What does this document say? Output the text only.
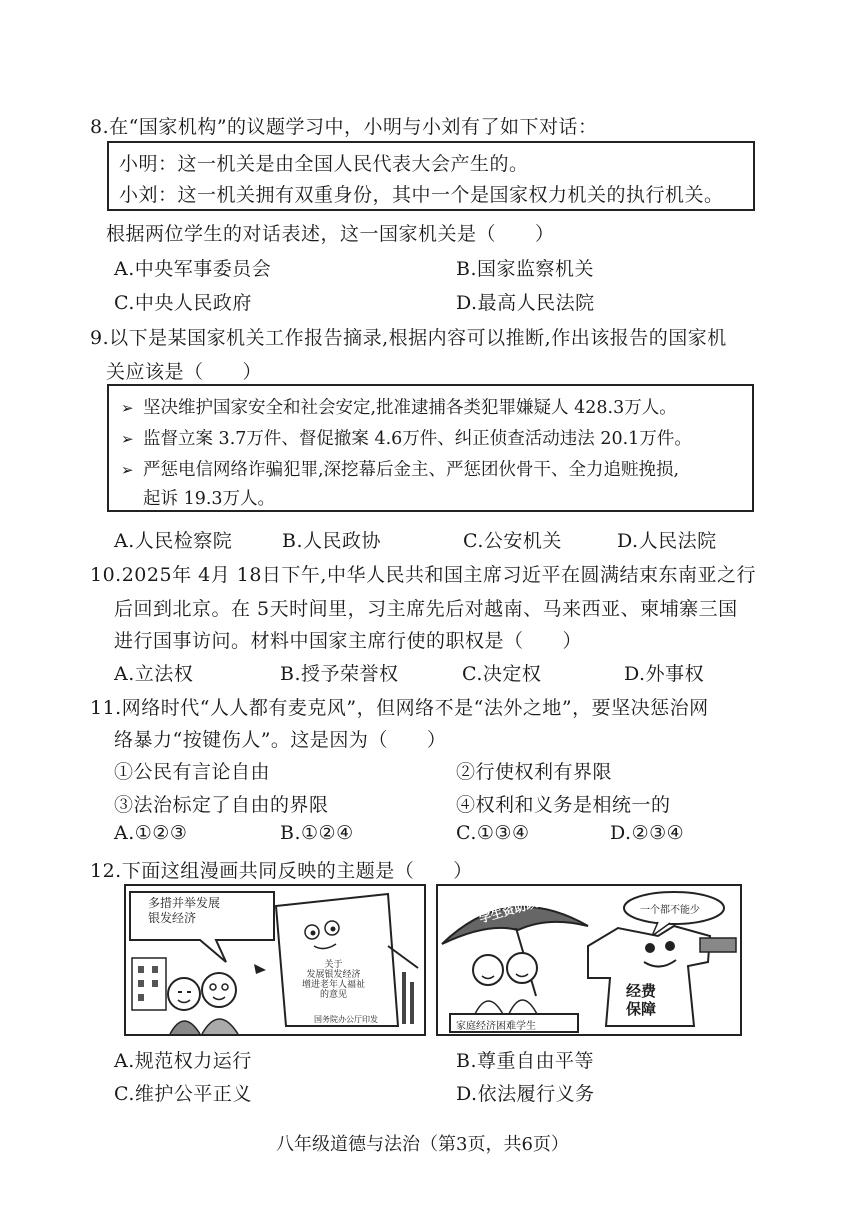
8.在“国家机构”的议题学习中，小明与小刘有了如下对话：
小明：这一机关是由全国人民代表大会产生的。
小刘：这一机关拥有双重身份，其中一个是国家权力机关的执行机关。
根据两位学生的对话表述，这一国家机关是（　　）
A.中央军事委员会	B.国家监察机关
C.中央人民政府	D.最高人民法院
9.以下是某国家机关工作报告摘录,根据内容可以推断,作出该报告的国家机
关应该是（　　）
➢ 坚决维护国家安全和社会安定,批准逮捕各类犯罪嫌疑人 428.3万人。
➢ 监督立案 3.7万件、督促撤案 4.6万件、纠正侦查活动违法 20.1万件。
➢ 严惩电信网络诈骗犯罪,深挖幕后金主、严惩团伙骨干、全力追赃挽损,
起诉 19.3万人。
A.人民检察院	B.人民政协	C.公安机关	D.人民法院
10.2025年 4月 18日下午,中华人民共和国主席习近平在圆满结束东南亚之行
后回到北京。在 5天时间里，习主席先后对越南、马来西亚、柬埔寨三国
进行国事访问。材料中国家主席行使的职权是（　　）
A.立法权	B.授予荣誉权	C.决定权	D.外事权
11.网络时代“人人都有麦克风”，但网络不是“法外之地”，要坚决惩治网
络暴力“按键伤人”。这是因为（　　）
①公民有言论自由	②行使权利有界限
③法治标定了自由的界限	④权利和义务是相统一的
A.①②③	B.①②④	C.①③④	D.②③④
12.下面这组漫画共同反映的主题是（　　）
多措并举发展
银发经济
关于
发展银发经济
增进老年人福祉
的意见
国务院办公厅印发
学生资助政策	一个都不能少
经费
保障
家庭经济困难学生
A.规范权力运行	B.尊重自由平等
C.维护公平正义	D.依法履行义务
八年级道德与法治（第3页，共6页）
